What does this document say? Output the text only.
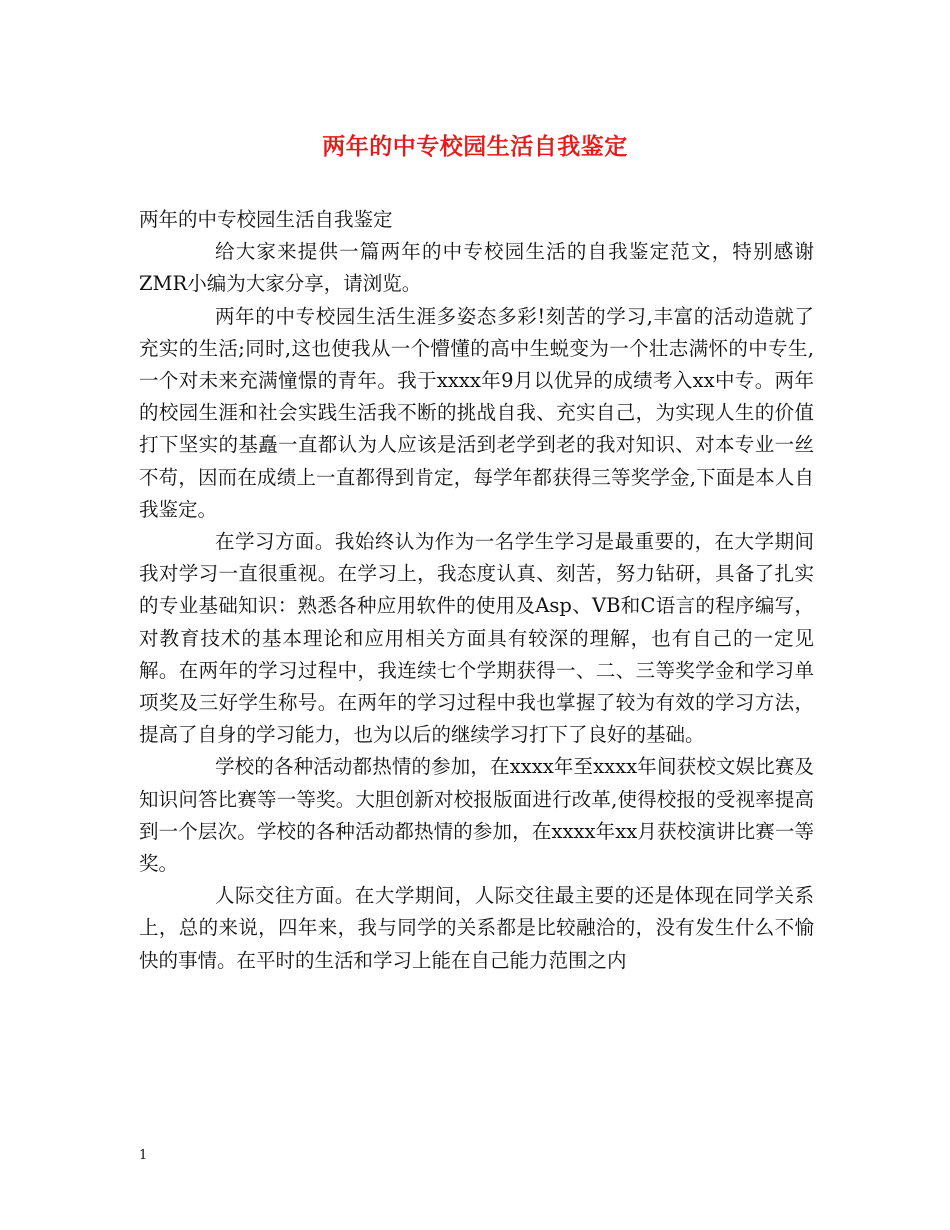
两年的中专校园生活自我鉴定

两年的中专校园生活自我鉴定

给大家来提供一篇两年的中专校园生活的自我鉴定范文，特别感谢ZMR小编为大家分享，请浏览。

两年的中专校园生活生涯多姿态多彩!刻苦的学习,丰富的活动造就了充实的生活;同时,这也使我从一个懵懂的高中生蜕变为一个壮志满怀的中专生,一个对未来充满憧憬的青年。我于xxxx年9月以优异的成绩考入xx中专。两年的校园生涯和社会实践生活我不断的挑战自我、充实自己，为实现人生的价值打下坚实的基矗一直都认为人应该是活到老学到老的我对知识、对本专业一丝不苟，因而在成绩上一直都得到肯定，每学年都获得三等奖学金,下面是本人自我鉴定。

在学习方面。我始终认为作为一名学生学习是最重要的，在大学期间我对学习一直很重视。在学习上，我态度认真、刻苦，努力钻研，具备了扎实的专业基础知识：熟悉各种应用软件的使用及Asp、VB和C语言的程序编写，对教育技术的基本理论和应用相关方面具有较深的理解，也有自己的一定见解。在两年的学习过程中，我连续七个学期获得一、二、三等奖学金和学习单项奖及三好学生称号。在两年的学习过程中我也掌握了较为有效的学习方法，提高了自身的学习能力，也为以后的继续学习打下了良好的基础。

学校的各种活动都热情的参加，在xxxx年至xxxx年间获校文娱比赛及知识问答比赛等一等奖。大胆创新对校报版面进行改革,使得校报的受视率提高到一个层次。学校的各种活动都热情的参加，在xxxx年xx月获校演讲比赛一等奖。

人际交往方面。在大学期间，人际交往最主要的还是体现在同学关系上，总的来说，四年来，我与同学的关系都是比较融洽的，没有发生什么不愉快的事情。在平时的生活和学习上能在自己能力范围之内

1
